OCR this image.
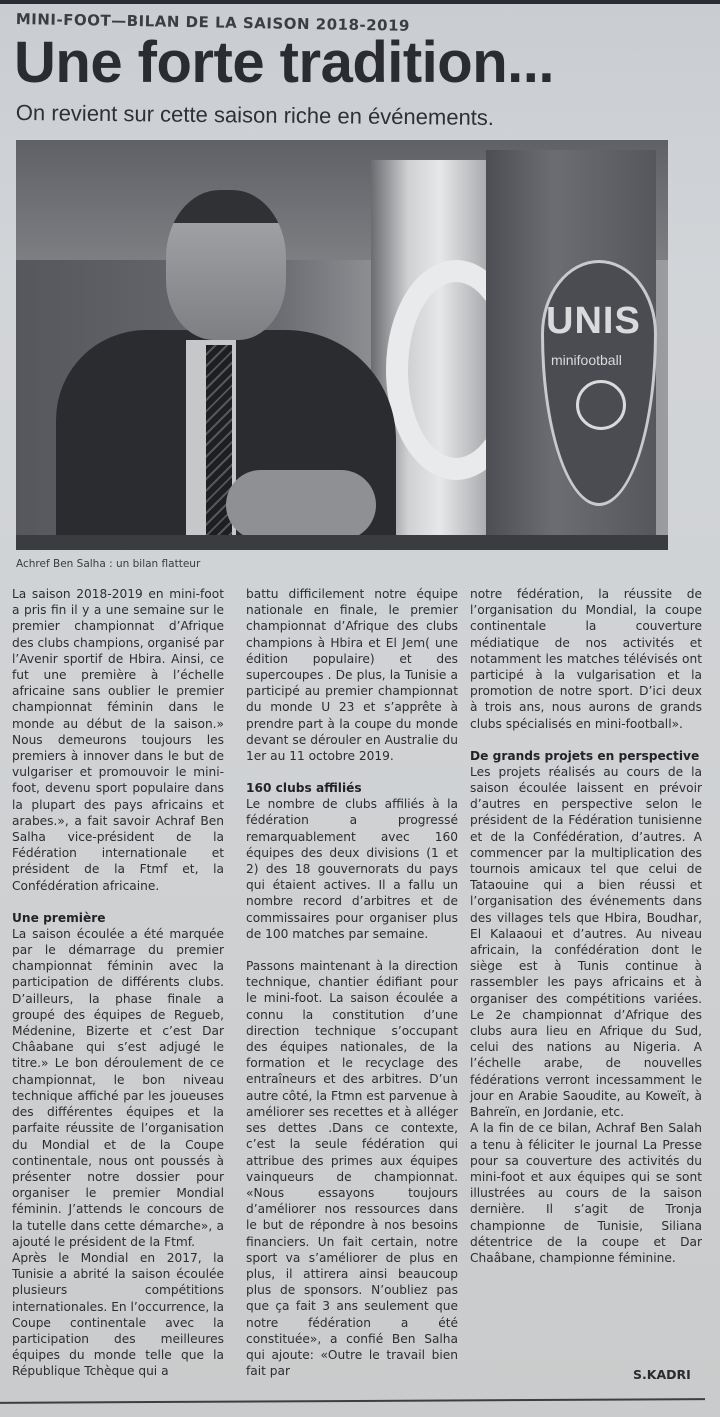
MINI-FOOT—BILAN DE LA SAISON 2018-2019
Une forte tradition...
On revient sur cette saison riche en événements.
UNIS
minifootball
Achref Ben Salha : un bilan flatteur

La saison 2018-2019 en mini-foot a pris fin il y a une semaine sur le premier championnat d’Afrique des clubs champions, organisé par l’Avenir sportif de Hbira. Ainsi, ce fut une première à l’échelle africaine sans oublier le premier championnat féminin dans le monde au début de la saison.» Nous demeurons toujours les premiers à innover dans le but de vulgariser et promouvoir le mini-foot, devenu sport populaire dans la plupart des pays africains et arabes.», a fait savoir Achraf Ben Salha vice-président de la Fédération internationale et président de la Ftmf et, la Confédération africaine.

Une première

La saison écoulée a été marquée par le démarrage du premier championnat féminin avec la participation de différents clubs. D’ailleurs, la phase finale a groupé des équipes de Regueb, Médenine, Bizerte et c’est Dar Châabane qui s’est adjugé le titre.» Le bon déroulement de ce championnat, le bon niveau technique affiché par les joueuses des différentes équipes et la parfaite réussite de l’organisation du Mondial et de la Coupe continentale, nous ont poussés à présenter notre dossier pour organiser le premier Mondial féminin. J’attends le concours de la tutelle dans cette démarche», a ajouté le président de la Ftmf.

Après le Mondial en 2017, la Tunisie a abrité la saison écoulée plusieurs compétitions internationales. En l’occurrence, la Coupe continentale avec la participation des meilleures équipes du monde telle que la République Tchèque qui a

battu difficilement notre équipe nationale en finale, le premier championnat d’Afrique des clubs champions à Hbira et El Jem( une édition populaire) et des supercoupes . De plus, la Tunisie a participé au premier championnat du monde U 23 et s’apprête à prendre part à la coupe du monde devant se dérouler en Australie du 1er au 11 octobre 2019.

160 clubs affiliés

Le nombre de clubs affiliés à la fédération a progressé remarquablement avec 160 équipes des deux divisions (1 et 2) des 18 gouvernorats du pays qui étaient actives. Il a fallu un nombre record d’arbitres et de commissaires pour organiser plus de 100 matches par semaine.

Passons maintenant à la direction technique, chantier édifiant pour le mini-foot. La saison écoulée a connu la constitution d’une direction technique s’occupant des équipes nationales, de la formation et le recyclage des entraîneurs et des arbitres. D’un autre côté, la Ftmn est parvenue à améliorer ses recettes et à alléger ses dettes .Dans ce contexte, c’est la seule fédération qui attribue des primes aux équipes vainqueurs de championnat. «Nous essayons toujours d’améliorer nos ressources dans le but de répondre à nos besoins financiers. Un fait certain, notre sport va s’améliorer de plus en plus, il attirera ainsi beaucoup plus de sponsors. N’oubliez pas que ça fait 3 ans seulement que notre fédération a été constituée», a confié Ben Salha qui ajoute: «Outre le travail bien fait par

notre fédération, la réussite de l’organisation du Mondial, la coupe continentale la couverture médiatique de nos activités et notamment les matches télévisés ont participé à la vulgarisation et la promotion de notre sport. D’ici deux à trois ans, nous aurons de grands clubs spécialisés en mini-football».

De grands projets en perspective

Les projets réalisés au cours de la saison écoulée laissent en prévoir d’autres en perspective selon le président de la Fédération tunisienne et de la Confédération, d’autres. A commencer par la multiplication des tournois amicaux tel que celui de Tataouine qui a bien réussi et l’organisation des événements dans des villages tels que Hbira, Boudhar, El Kalaaoui et d’autres. Au niveau africain, la confédération dont le siège est à Tunis continue à rassembler les pays africains et à organiser des compétitions variées. Le 2e championnat d’Afrique des clubs aura lieu en Afrique du Sud, celui des nations au Nigeria. A l’échelle arabe, de nouvelles fédérations verront incessamment le jour en Arabie Saoudite, au Koweït, à Bahreïn, en Jordanie, etc.

A la fin de ce bilan, Achraf Ben Salah a tenu à féliciter le journal La Presse pour sa couverture des activités du mini-foot et aux équipes qui se sont illustrées au cours de la saison dernière. Il s’agit de Tronja championne de Tunisie, Siliana détentrice de la coupe et Dar Chaâbane, championne féminine.

S.KADRI
